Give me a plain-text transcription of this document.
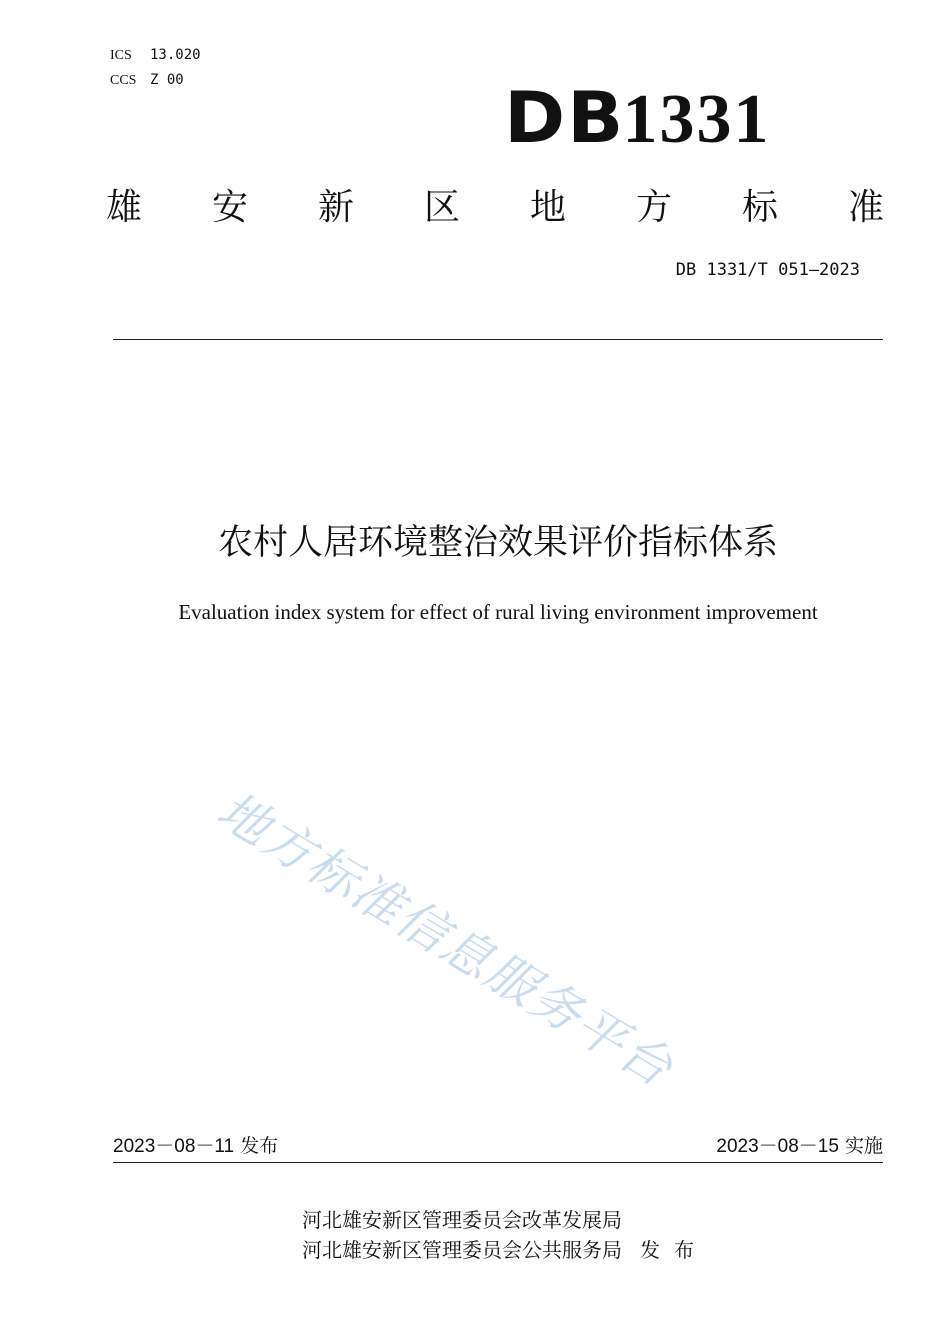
ICS 13.020
CCS Z 00	DB1331
雄 安 新 区 地 方 标 准
DB 1331/T 051—2023
农村人居环境整治效果评价指标体系
Evaluation index system for effect of rural living environment improvement
地方标准信息服务平台
2023－08－11 发布	2023－08－15 实施
河北雄安新区管理委员会改革发展局
河北雄安新区管理委员会公共服务局 发布
